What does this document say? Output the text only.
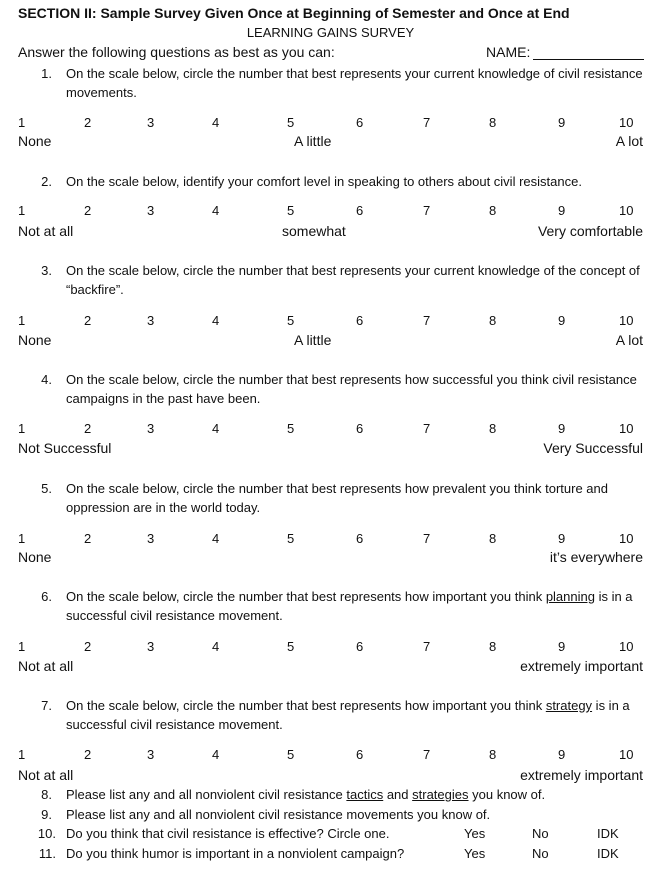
SECTION II: Sample Survey Given Once at Beginning of Semester and Once at End
LEARNING GAINS SURVEY
Answer the following questions as best as you can:	NAME:
1. On the scale below, circle the number that best represents your current knowledge of civil resistance movements.
1	2	3	4	5	6	7	8	9	10
None	A little	A lot
2. On the scale below, identify your comfort level in speaking to others about civil resistance.
1	2	3	4	5	6	7	8	9	10
Not at all	somewhat	Very comfortable
3. On the scale below, circle the number that best represents your current knowledge of the concept of “backfire”.
1	2	3	4	5	6	7	8	9	10
None	A little	A lot
4. On the scale below, circle the number that best represents how successful you think civil resistance campaigns in the past have been.
1	2	3	4	5	6	7	8	9	10
Not Successful	Very Successful
5. On the scale below, circle the number that best represents how prevalent you think torture and oppression are in the world today.
1	2	3	4	5	6	7	8	9	10
None	it’s everywhere
6. On the scale below, circle the number that best represents how important you think planning is in a successful civil resistance movement.
1	2	3	4	5	6	7	8	9	10
Not at all	extremely important
7. On the scale below, circle the number that best represents how important you think strategy is in a successful civil resistance movement.
1	2	3	4	5	6	7	8	9	10
Not at all	extremely important
8. Please list any and all nonviolent civil resistance tactics and strategies you know of.
9. Please list any and all nonviolent civil resistance movements you know of.
10. Do you think that civil resistance is effective? Circle one.	Yes	No	IDK
11. Do you think humor is important in a nonviolent campaign?	Yes	No	IDK
